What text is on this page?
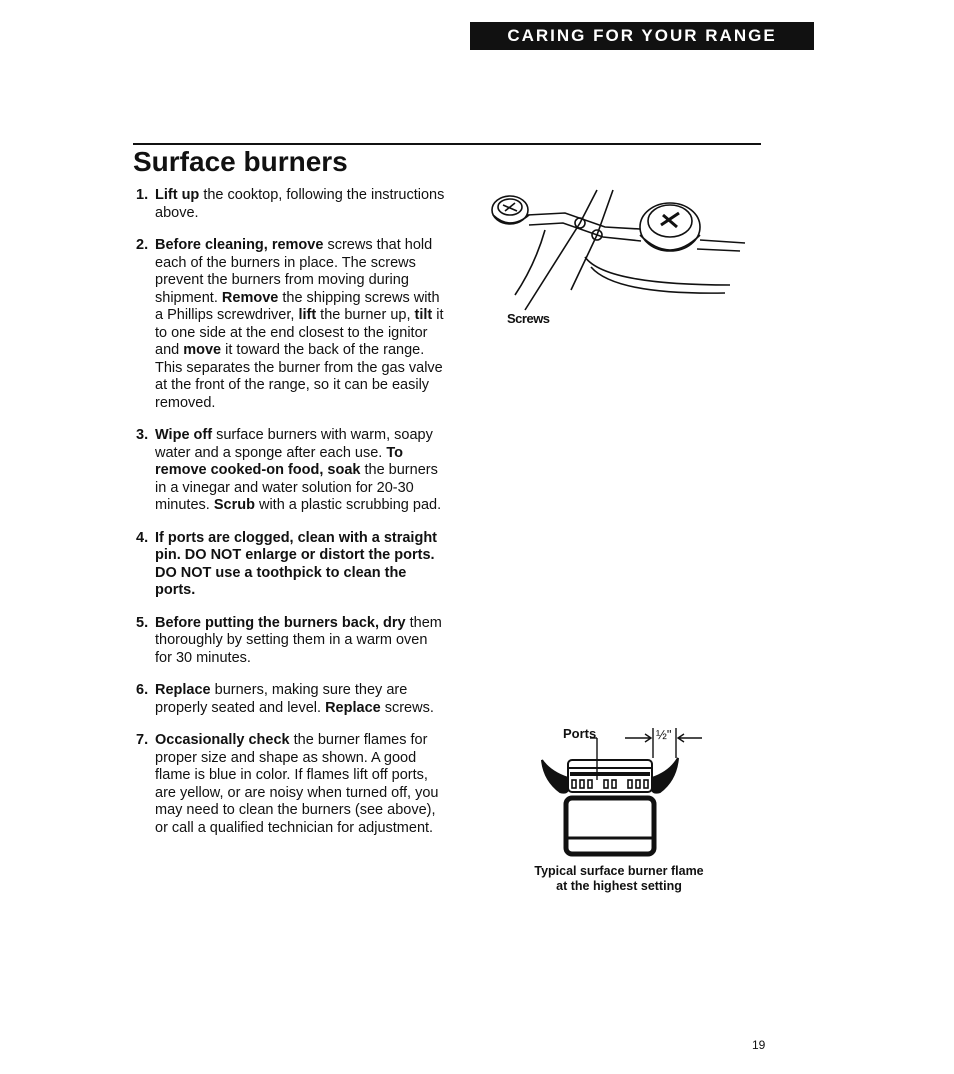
CARING FOR YOUR RANGE
Surface burners
1. Lift up the cooktop, following the instructions above.
2. Before cleaning, remove screws that hold each of the burners in place. The screws prevent the burners from moving during shipment. Remove the shipping screws with a Phillips screwdriver, lift the burner up, tilt it to one side at the end closest to the ignitor and move it toward the back of the range. This separates the burner from the gas valve at the front of the range, so it can be easily removed.
3. Wipe off surface burners with warm, soapy water and a sponge after each use. To remove cooked-on food, soak the burners in a vinegar and water solution for 20-30 minutes. Scrub with a plastic scrubbing pad.
4. If ports are clogged, clean with a straight pin. DO NOT enlarge or distort the ports. DO NOT use a toothpick to clean the ports.
5. Before putting the burners back, dry them thoroughly by setting them in a warm oven for 30 minutes.
6. Replace burners, making sure they are properly seated and level. Replace screws.
7. Occasionally check the burner flames for proper size and shape as shown. A good flame is blue in color. If flames lift off ports, are yellow, or are noisy when turned off, you may need to clean the burners (see above), or call a qualified technician for adjustment.
Screws
Ports	½"
Typical surface burner flame
at the highest setting
19
